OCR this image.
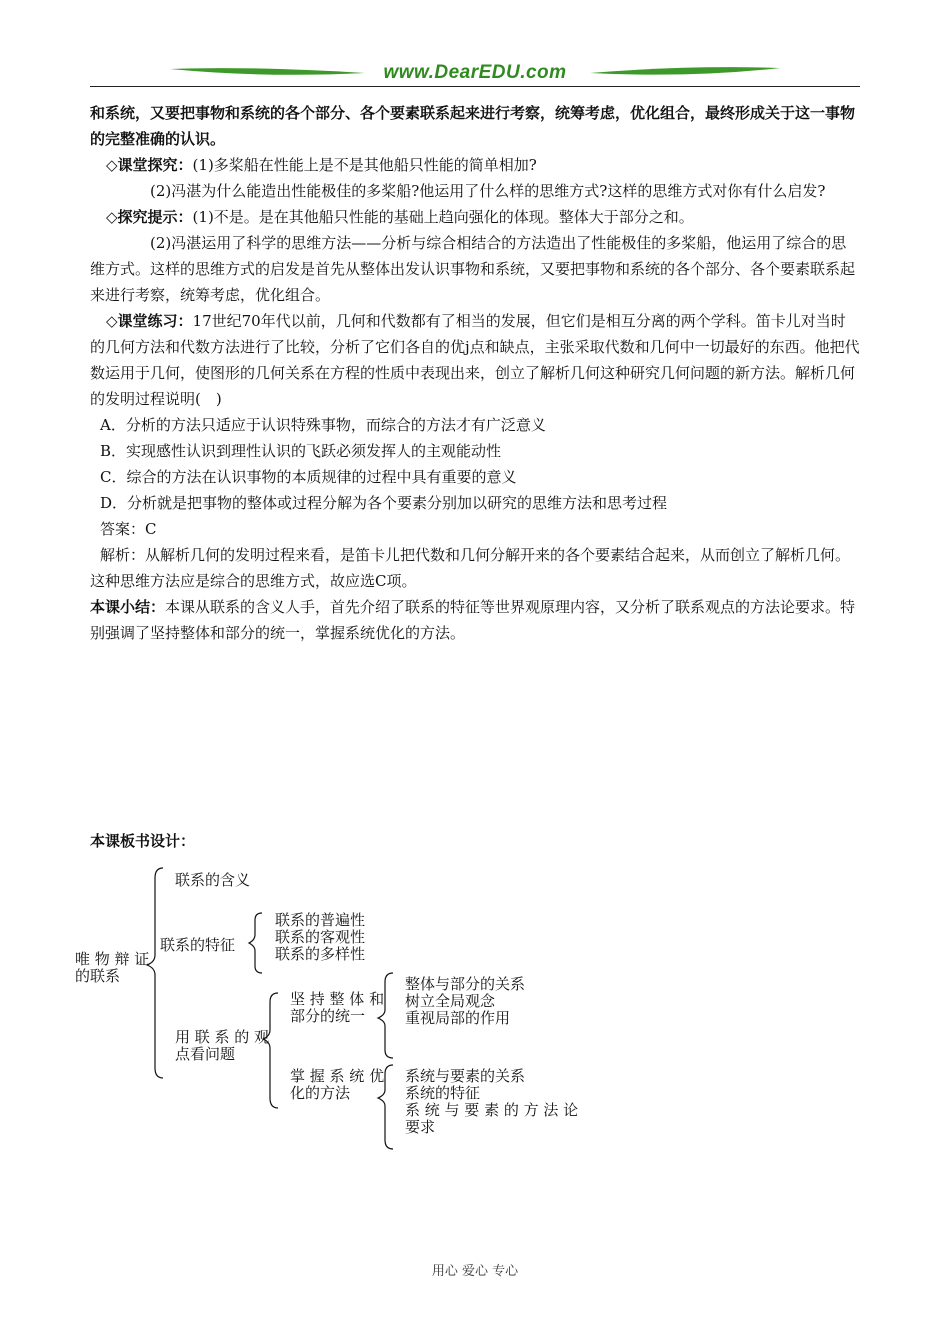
www.DearEDU.com

和系统，又要把事物和系统的各个部分、各个要素联系起来进行考察，统筹考虑，优化组合，最终形成关于这一事物的完整准确的认识。

◇课堂探究：(1)多桨船在性能上是不是其他船只性能的简单相加?

(2)冯湛为什么能造出性能极佳的多桨船?他运用了什么样的思维方式?这样的思维方式对你有什么启发?

◇探究提示：(1)不是。是在其他船只性能的基础上趋向强化的体现。整体大于部分之和。

(2)冯湛运用了科学的思维方法——分析与综合相结合的方法造出了性能极佳的多桨船，他运用了综合的思维方式。这样的思维方式的启发是首先从整体出发认识事物和系统，又要把事物和系统的各个部分、各个要素联系起来进行考察，统筹考虑，优化组合。

◇课堂练习：17世纪70年代以前，几何和代数都有了相当的发展，但它们是相互分离的两个学科。笛卡儿对当时的几何方法和代数方法进行了比较，分析了它们各自的优j点和缺点，主张采取代数和几何中一切最好的东西。他把代数运用于几何，使图形的几何关系在方程的性质中表现出来，创立了解析几何这种研究几何问题的新方法。解析几何的发明过程说明(　)

A．分析的方法只适应于认识特殊事物，而综合的方法才有广泛意义

B．实现感性认识到理性认识的飞跃必须发挥人的主观能动性

C．综合的方法在认识事物的本质规律的过程中具有重要的意义

D．分析就是把事物的整体或过程分解为各个要素分别加以研究的思维方法和思考过程

答案：C

解析：从解析几何的发明过程来看，是笛卡儿把代数和几何分解开来的各个要素结合起来，从而创立了解析几何。这种思维方法应是综合的思维方式，故应选C项。

本课小结：本课从联系的含义人手，首先介绍了联系的特征等世界观原理内容，又分析了联系观点的方法论要求。特别强调了坚持整体和部分的统一，掌握系统优化的方法。

本课板书设计：
唯 物 辩 证
的联系
联系的含义
联系的特征
联系的普遍性
联系的客观性
联系的多样性
用 联 系 的 观
点看问题
坚 持 整 体 和
部分的统一
整体与部分的关系
树立全局观念
重视局部的作用
掌 握 系 统 优
化的方法
系统与要素的关系
系统的特征
系 统 与 要 素 的 方 法 论
要求
用心 爱心 专心
